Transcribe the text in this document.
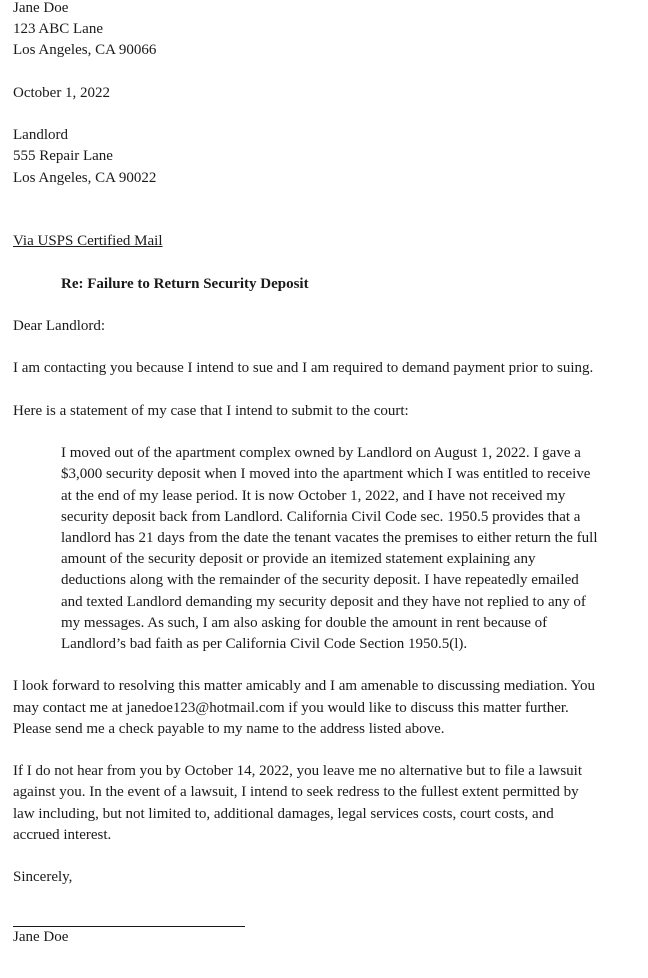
Jane Doe
123 ABC Lane
Los Angeles, CA 90066
October 1, 2022
Landlord
555 Repair Lane
Los Angeles, CA 90022
Via USPS Certified Mail
Re: Failure to Return Security Deposit
Dear Landlord:
I am contacting you because I intend to sue and I am required to demand payment prior to suing.
Here is a statement of my case that I intend to submit to the court:
I moved out of the apartment complex owned by Landlord on August 1, 2022. I gave a
$3,000 security deposit when I moved into the apartment which I was entitled to receive
at the end of my lease period. It is now October 1, 2022, and I have not received my
security deposit back from Landlord. California Civil Code sec. 1950.5 provides that a
landlord has 21 days from the date the tenant vacates the premises to either return the full
amount of the security deposit or provide an itemized statement explaining any
deductions along with the remainder of the security deposit. I have repeatedly emailed
and texted Landlord demanding my security deposit and they have not replied to any of
my messages. As such, I am also asking for double the amount in rent because of
Landlord’s bad faith as per California Civil Code Section 1950.5(l).
I look forward to resolving this matter amicably and I am amenable to discussing mediation. You
may contact me at janedoe123@hotmail.com if you would like to discuss this matter further.
Please send me a check payable to my name to the address listed above.
If I do not hear from you by October 14, 2022, you leave me no alternative but to file a lawsuit
against you. In the event of a lawsuit, I intend to seek redress to the fullest extent permitted by
law including, but not limited to, additional damages, legal services costs, court costs, and
accrued interest.
Sincerely,
Jane Doe
